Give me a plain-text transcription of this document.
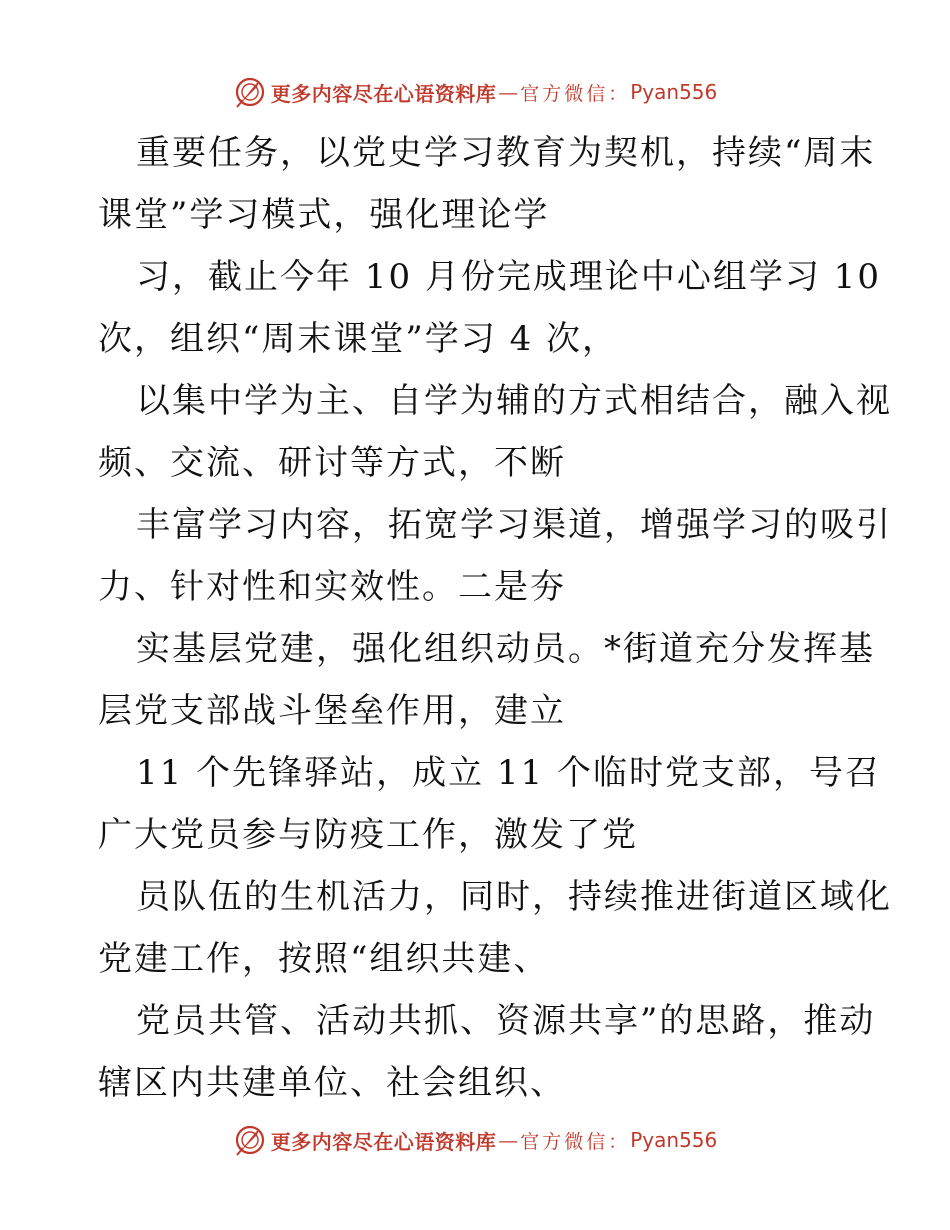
更多内容尽在心语资料库 — 官方微信： Pyan556
重要任务，以党史学习教育为契机，持续“周末
课堂”学习模式，强化理论学
习，截止今年 10 月份完成理论中心组学习 10
次，组织“周末课堂”学习 4 次，
以集中学为主、自学为辅的方式相结合，融入视
频、交流、研讨等方式，不断
丰富学习内容，拓宽学习渠道，增强学习的吸引
力、针对性和实效性。二是夯
实基层党建，强化组织动员。*街道充分发挥基
层党支部战斗堡垒作用，建立
11 个先锋驿站，成立 11 个临时党支部，号召
广大党员参与防疫工作，激发了党
员队伍的生机活力，同时，持续推进街道区域化
党建工作，按照“组织共建、
党员共管、活动共抓、资源共享”的思路，推动
辖区内共建单位、社会组织、
更多内容尽在心语资料库 — 官方微信： Pyan556
